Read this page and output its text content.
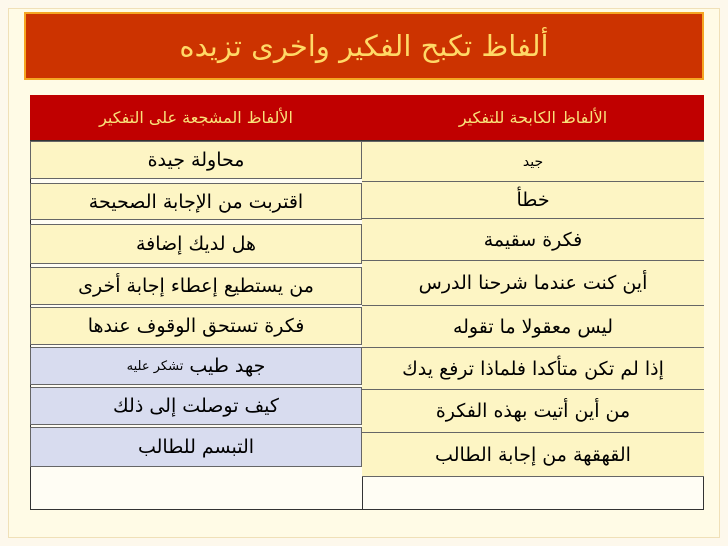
ألفاظ تكبح الفكير واخرى تزيده
الألفاظ الكابحة للتفكير
الألفاظ المشجعة على التفكير
جيد
خطأ
فكرة سقيمة
أين كنت عندما شرحنا الدرس
ليس معقولا ما تقوله
إذا لم تكن متأكدا فلماذا ترفع يدك
من أين أتيت بهذه الفكرة
القهقهة من إجابة الطالب
محاولة جيدة
اقتربت من الإجابة الصحيحة
هل لديك إضافة
من يستطيع إعطاء إجابة أخرى
فكرة تستحق الوقوف عندها
جهد طيب
تشكر عليه
كيف توصلت إلى ذلك
التبسم للطالب
